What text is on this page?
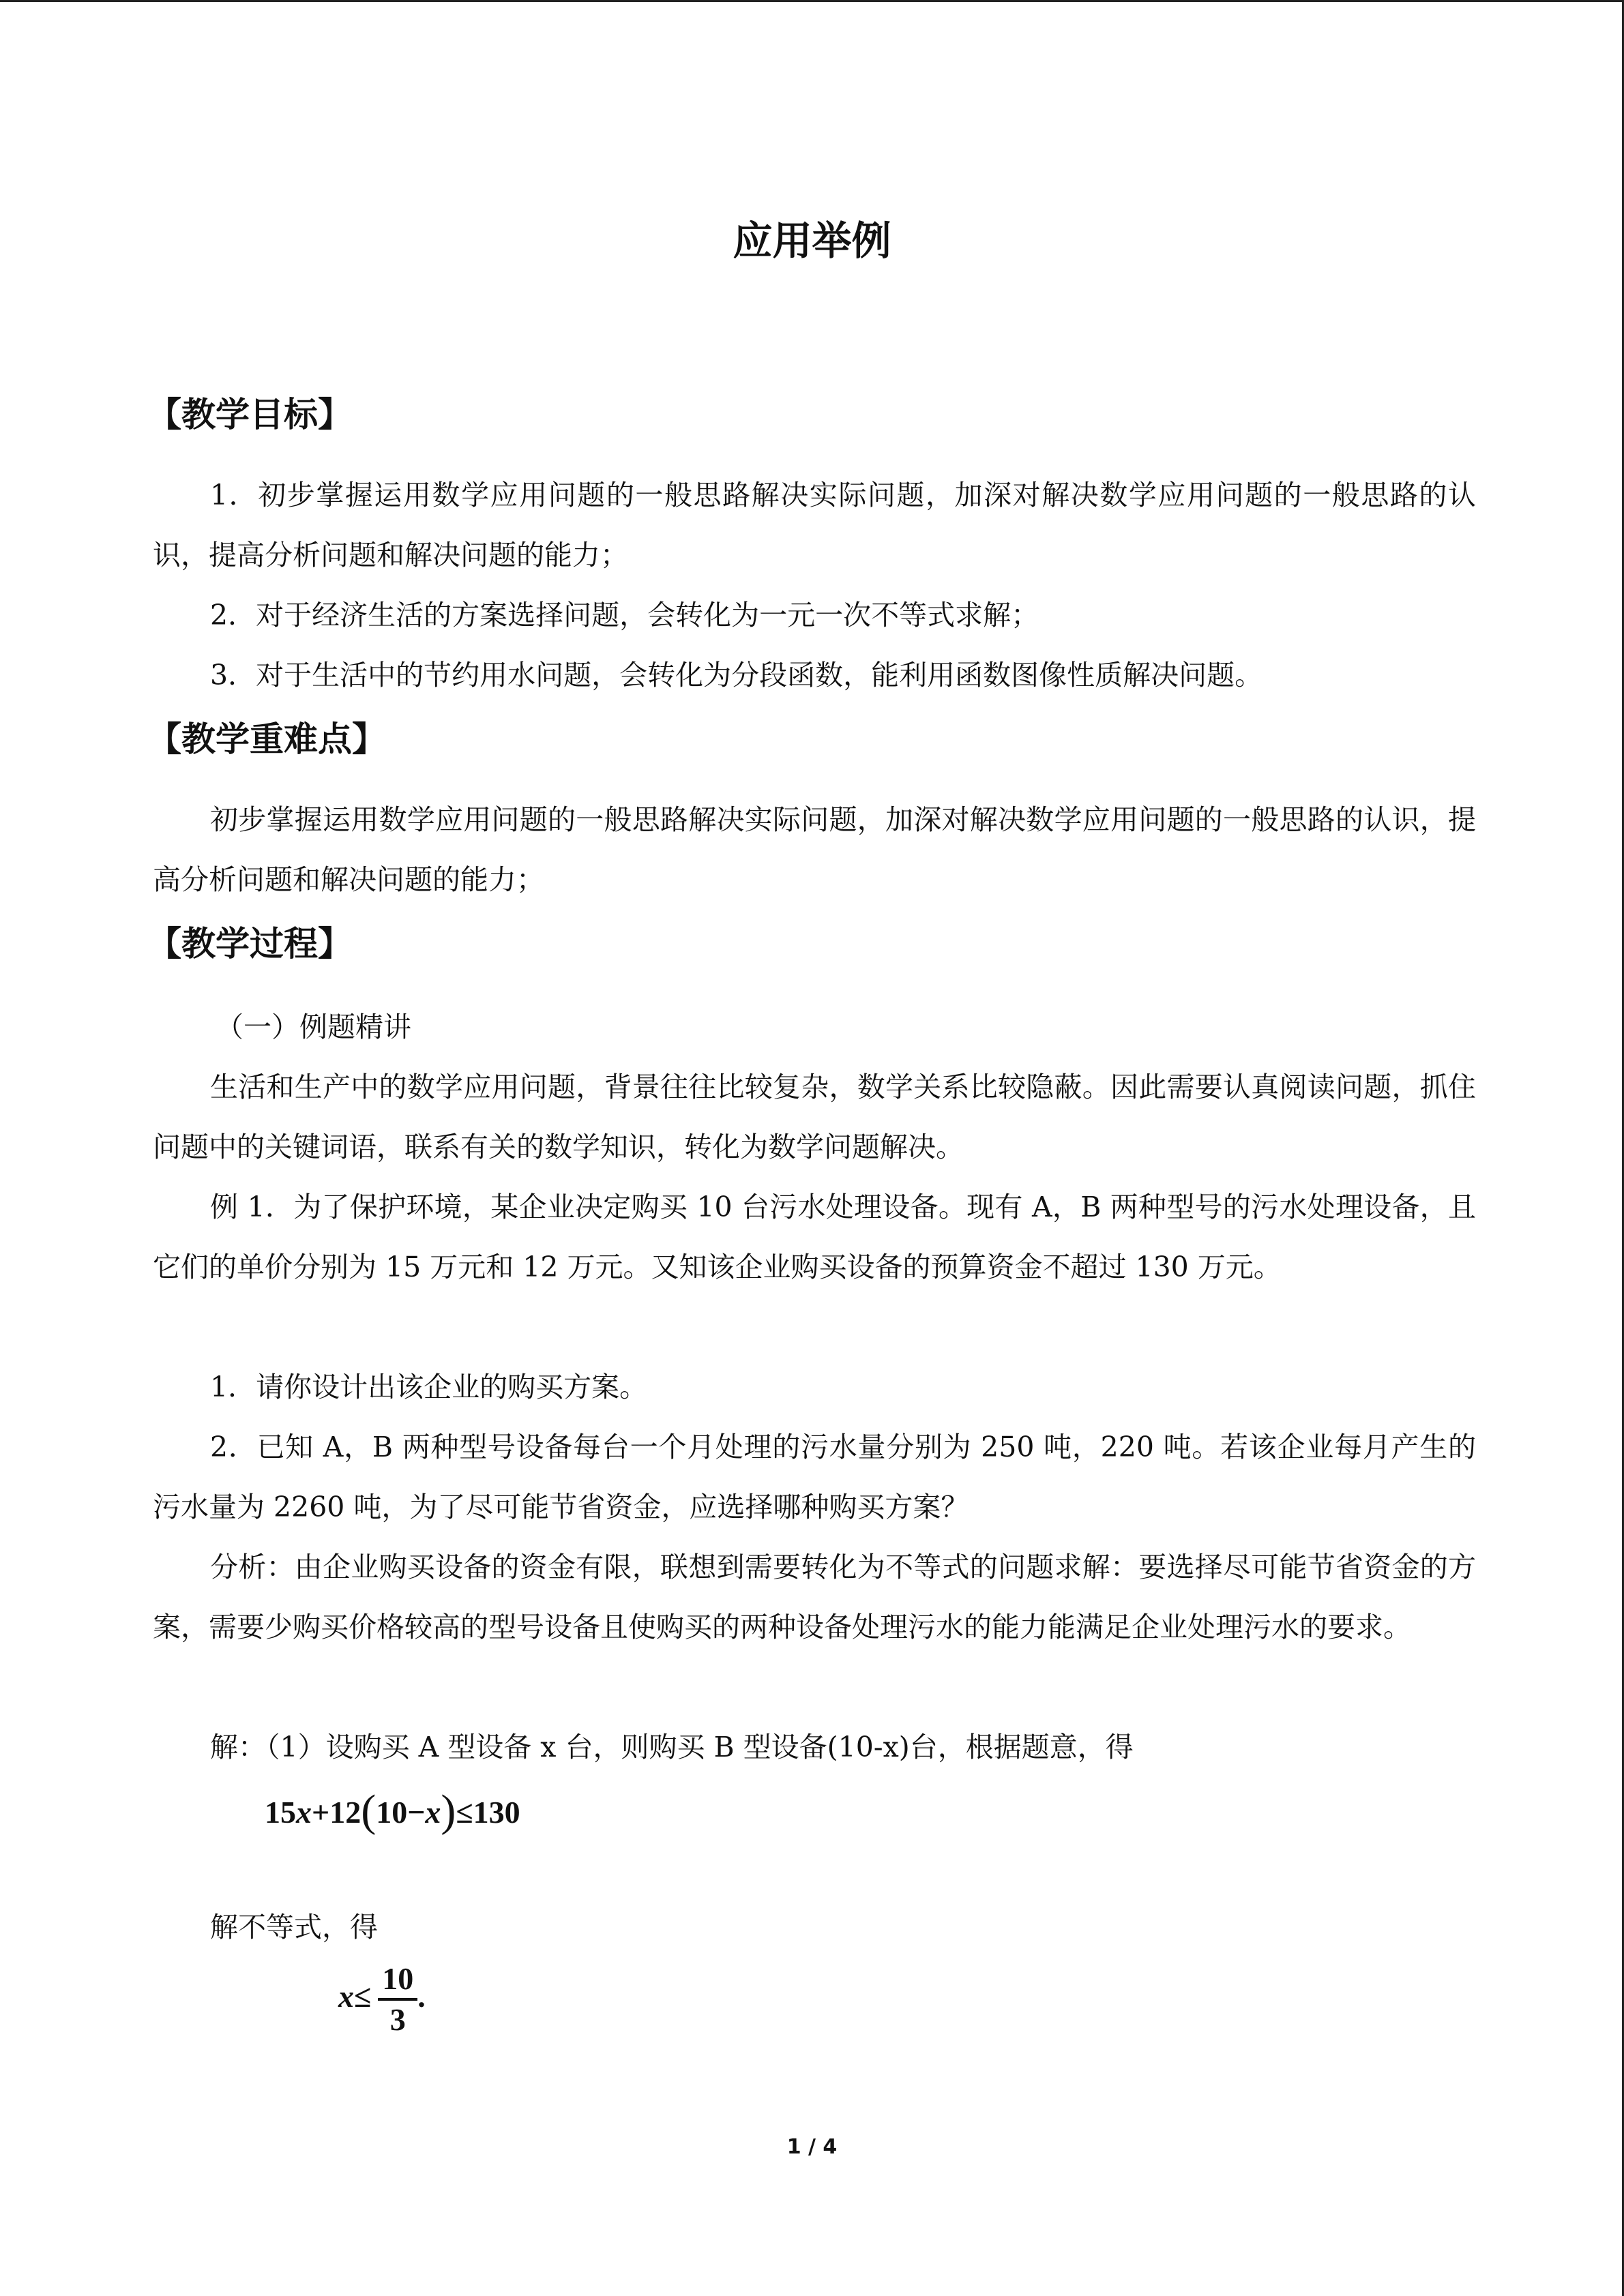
应用举例
【教学目标】

1．初步掌握运用数学应用问题的一般思路解决实际问题，加深对解决数学应用问题的一般思路的认识，提高分析问题和解决问题的能力；

2．对于经济生活的方案选择问题，会转化为一元一次不等式求解；
3．对于生活中的节约用水问题，会转化为分段函数，能利用函数图像性质解决问题。
【教学重难点】

初步掌握运用数学应用问题的一般思路解决实际问题，加深对解决数学应用问题的一般思路的认识，提高分析问题和解决问题的能力；

【教学过程】
（一）例题精讲

生活和生产中的数学应用问题，背景往往比较复杂，数学关系比较隐蔽。因此需要认真阅读问题，抓住问题中的关键词语，联系有关的数学知识，转化为数学问题解决。

例 1．为了保护环境，某企业决定购买 10 台污水处理设备。现有 A，B 两种型号的污水处理设备，且它们的单价分别为 15 万元和 12 万元。又知该企业购买设备的预算资金不超过 130 万元。

1．请你设计出该企业的购买方案。

2．已知 A，B 两种型号设备每台一个月处理的污水量分别为 250 吨，220 吨。若该企业每月产生的污水量为 2260 吨，为了尽可能节省资金，应选择哪种购买方案？

分析：由企业购买设备的资金有限，联想到需要转化为不等式的问题求解：要选择尽可能节省资金的方案，需要少购买价格较高的型号设备且使购买的两种设备处理污水的能力能满足企业处理污水的要求。

解：（1）设购买 A 型设备 x 台，则购买 B 型设备(10-x)台，根据题意，得
15x+12(10−x)≤130
解不等式，得
$x\le \frac{10}{3}$ .
1 / 4
